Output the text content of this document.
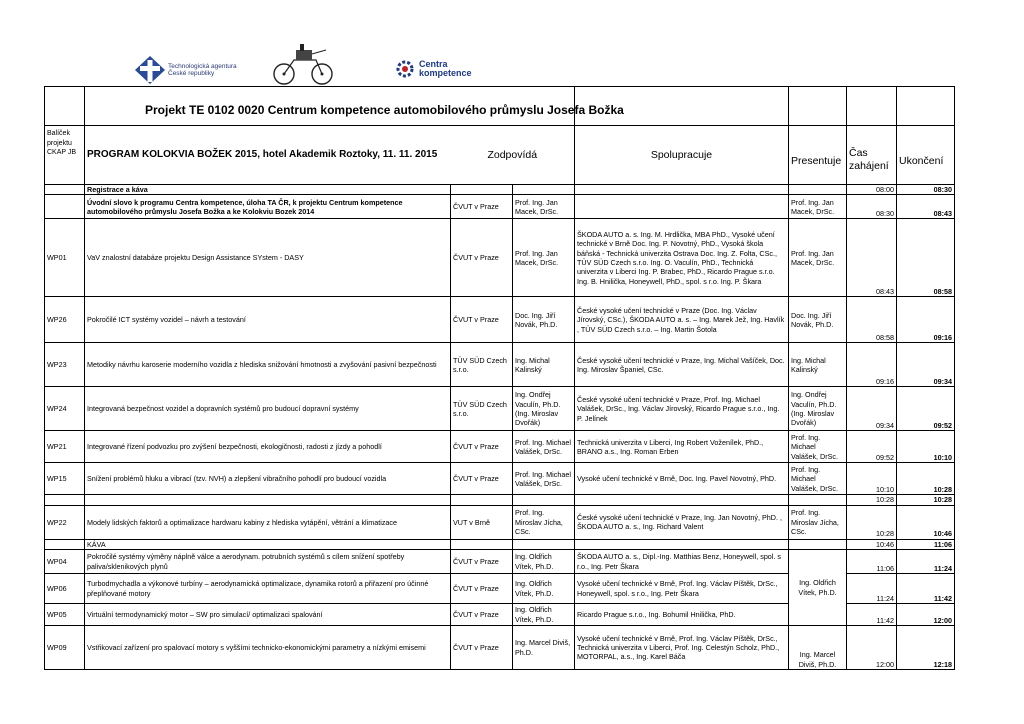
Technologická agentura
České republiky
Centra
kompetence
	Projekt TE 0102 0020 Centrum kompetence automobilového průmyslu Josefa Božka						
Balíček projektu CKAP JB	PROGRAM KOLOKVIA BOŽEK 2015, hotel Akademik Roztoky, 11. 11. 2015	Zodpovídá		Spolupracuje	Presentuje	Čas zahájení	Ukončení
	Registrace a káva					08:00	08:30
	Úvodní slovo k programu Centra kompetence, úloha TA ČR, k projektu Centrum kompetence automobilového průmyslu Josefa Božka a ke Kolokviu Bozek 2014	ČVUT v Praze	Prof. Ing. Jan Macek, DrSc.		Prof. Ing. Jan Macek, DrSc.	08:30	08:43
WP01	VaV znalostní databáze projektu Design Assistance SYstem - DASY	ČVUT v Praze	Prof. Ing. Jan Macek, DrSc.	ŠKODA AUTO a. s. Ing. M. Hrdlička, MBA PhD., Vysoké učení technické v Brně Doc. Ing. P. Novotný, PhD., Vysoká škola báňská - Technická univerzita Ostrava Doc. Ing. Z. Folta, CSc., TÜV SÜD Czech s.r.o. Ing. O. Vaculín, PhD., Technická univerzita v Liberci Ing. P. Brabec, PhD., Ricardo Prague s.r.o. Ing. B. Hnilička, Honeywell, PhD., spol. s r.o. Ing. P. Škara	Prof. Ing. Jan Macek, DrSc.	08:43	08:58
WP26	Pokročilé ICT systémy vozidel – návrh a testování	ČVUT v Praze	Doc. Ing. Jiří Novák, Ph.D.	České vysoké učení technické v Praze (Doc. Ing. Václav Jírovský, CSc.), ŠKODA AUTO a. s. – Ing. Marek Jež, Ing. Havlík , TÜV SÜD Czech s.r.o. – Ing. Martin Šotola	Doc. Ing. Jiří Novák, Ph.D.	08:58	09:16
WP23	Metodiky návrhu karoserie moderního vozidla z hlediska snižování hmotnosti a zvyšování pasivní bezpečnosti	TÜV SÜD Czech s.r.o.	Ing. Michal Kalinský	České vysoké učení technické v Praze, Ing. Michal Vašíček, Doc. Ing. Miroslav Španiel, CSc.	Ing. Michal Kalinský	09:16	09:34
WP24	Integrovaná bezpečnost vozidel a dopravních systémů pro budoucí dopravní systémy	TÜV SÜD Czech s.r.o.	Ing. Ondřej Vaculín, Ph.D. (Ing. Miroslav Dvořák)	České vysoké učení technické v Praze, Prof. Ing. Michael Valášek, DrSc., Ing. Václav Jírovský, Ricardo Prague s.r.o., Ing. P. Jelínek	Ing. Ondřej Vaculín, Ph.D. (Ing. Miroslav Dvořák)	09:34	09:52
WP21	Integrované řízení podvozku pro zvýšení bezpečnosti, ekologičnosti, radosti z jízdy a pohodlí	ČVUT v Praze	Prof. Ing. Michael Valášek, DrSc.	Technická univerzita v Liberci, Ing Robert Voženílek, PhD., BRANO a.s., Ing. Roman Erben	Prof. Ing. Michael Valášek, DrSc.	09:52	10:10
WP15	Snížení problémů hluku a vibrací (tzv. NVH) a zlepšení vibračního pohodlí pro budoucí vozidla	ČVUT v Praze	Prof. Ing. Michael Valášek, DrSc.	Vysoké učení technické v Brně, Doc. Ing. Pavel Novotný, PhD.	Prof. Ing. Michael Valášek, DrSc.	10:10	10:28
						10:28	10:28
WP22	Modely lidských faktorů a optimalizace hardwaru kabiny z hlediska vytápění, větrání a klimatizace	VUT v Brně	Prof. Ing. Miroslav Jícha, CSc.	České vysoké učení technické v Praze, Ing. Jan Novotný, PhD. , ŠKODA AUTO a. s., Ing. Richard Valent	Prof. Ing. Miroslav Jícha, CSc.	10:28	10:46
	KÁVA					10:46	11:06
WP04	Pokročilé systémy výměny náplně válce a aerodynam. potrubních systémů s cílem snížení spotřeby paliva/sklenikových plynů	ČVUT v Praze	Ing. Oldřich Vítek, Ph.D.	ŠKODA AUTO a. s., Dipl.-Ing. Matthias Benz, Honeywell, spol. s r.o., Ing. Petr Škara	Ing. Oldřich Vítek, Ph.D.	11:06	11:24
WP06	Turbodmychadla a výkonové turbíny – aerodynamická optimalizace, dynamika rotorů a přiřazení pro účinné přeplňované motory	ČVUT v Praze	Ing. Oldřich Vítek, Ph.D.	Vysoké učení technické v Brně, Prof. Ing. Václav Píštěk, DrSc., Honeywell, spol. s r.o., Ing. Petr Škara		11:24	11:42
WP05	Virtuální termodynamický motor – SW pro simulací/ optimalizaci spalování	ČVUT v Praze	Ing. Oldřich Vítek, Ph.D.	Ricardo Prague s.r.o., Ing. Bohumil Hnilička, PhD.		11:42	12:00
WP09	Vstřikovací zařízení pro spalovací motory s vyššími technicko-ekonomickými parametry a nízkými emisemi	ČVUT v Praze	Ing. Marcel Diviš, Ph.D.	Vysoké učení technické v Brně, Prof. Ing. Václav Píštěk, DrSc., Technická univerzita v Liberci, Prof. Ing. Celestýn Scholz, PhD., MOTORPAL, a.s., Ing. Karel Báča	Ing. Marcel Diviš, Ph.D.	12:00	12:18
